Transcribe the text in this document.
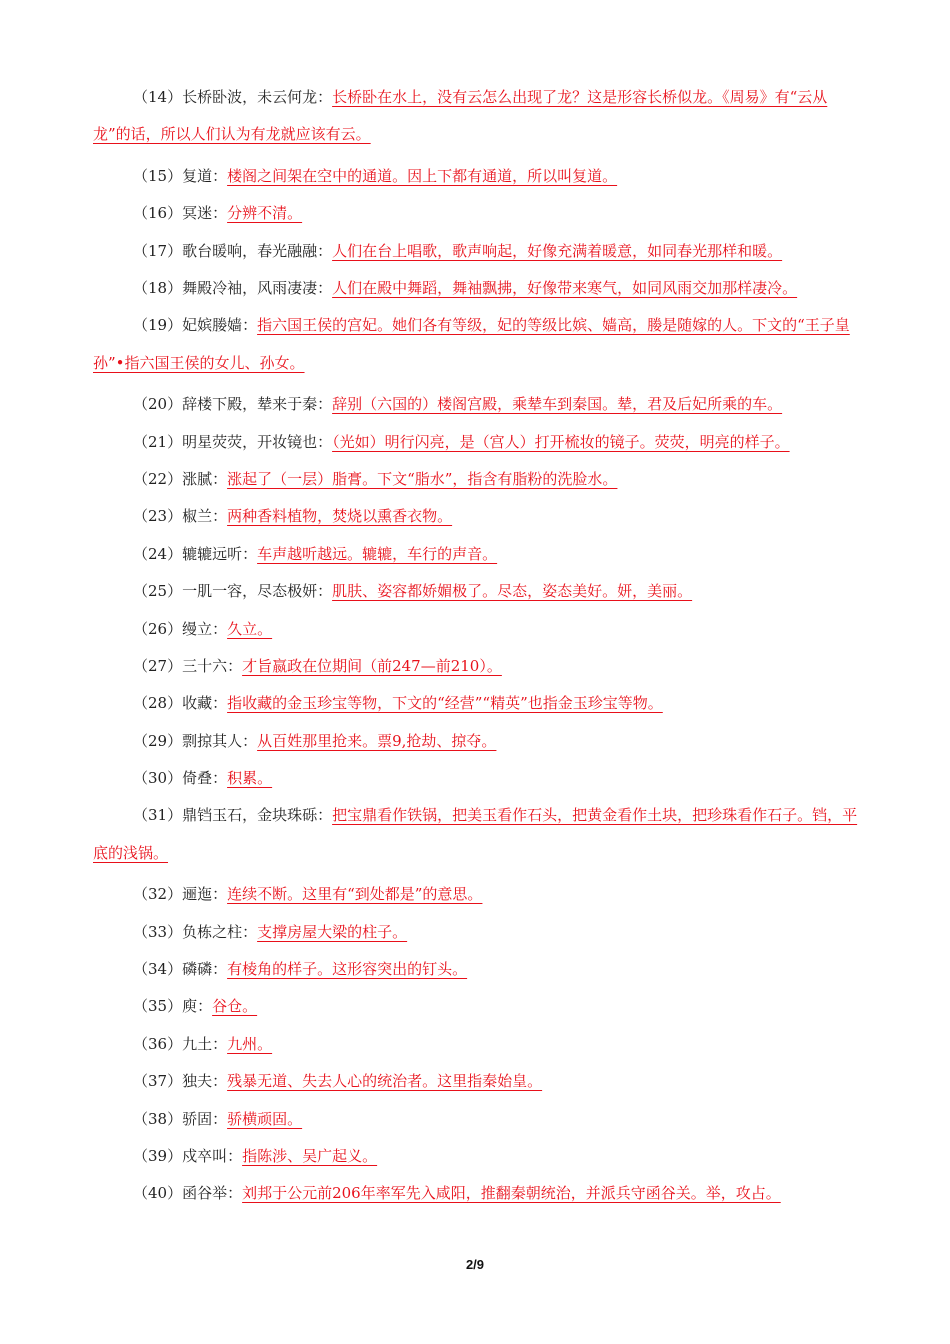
（14）长桥卧波，未云何龙：长桥卧在水上，没有云怎么出现了龙？这是形容长桥似龙。《周易》有“云从龙”的话，所以人们认为有龙就应该有云。

（15）复道：楼阁之间架在空中的通道。因上下都有通道，所以叫复道。

（16）冥迷：分辨不清。

（17）歌台暖响，春光融融：人们在台上唱歌，歌声响起，好像充满着暖意，如同春光那样和暖。

（18）舞殿冷袖，风雨凄凄：人们在殿中舞蹈，舞袖飘拂，好像带来寒气，如同风雨交加那样凄冷。

（19）妃嫔媵嫱：指六国王侯的宫妃。她们各有等级，妃的等级比嫔、嫱高，媵是随嫁的人。下文的“王子皇孙”•指六国王侯的女儿、孙女。

（20）辞楼下殿，辇来于秦：辞别（六国的）楼阁宫殿，乘辇车到秦国。辇，君及后妃所乘的车。

（21）明星荧荧，开妆镜也：（光如）明行闪亮，是（宫人）打开梳妆的镜子。荧荧，明亮的样子。

（22）涨腻：涨起了（一层）脂膏。下文“脂水”，指含有脂粉的洗脸水。

（23）椒兰：两种香料植物，焚烧以熏香衣物。

（24）辘辘远听：车声越听越远。辘辘，车行的声音。

（25）一肌一容，尽态极妍：肌肤、姿容都娇媚极了。尽态，姿态美好。妍，美丽。

（26）缦立：久立。

（27）三十六：才旨嬴政在位期间（前247—前210）。

（28）收藏：指收藏的金玉珍宝等物，下文的“经营”“精英”也指金玉珍宝等物。

（29）剽掠其人：从百姓那里抢来。票9,抢劫、掠夺。

（30）倚叠：积累。

（31）鼎铛玉石，金块珠砾：把宝鼎看作铁锅，把美玉看作石头，把黄金看作土块，把珍珠看作石子。铛，平底的浅锅。

（32）逦迤：连续不断。这里有“到处都是”的意思。

（33）负栋之柱：支撑房屋大梁的柱子。

（34）磷磷：有棱角的样子。这形容突出的钉头。

（35）庾：谷仓。

（36）九土：九州。

（37）独夫：残暴无道、失去人心的统治者。这里指秦始皇。

（38）骄固：骄横顽固。

（39）戍卒叫：指陈涉、吴广起义。

（40）函谷举：刘邦于公元前206年率军先入咸阳，推翻秦朝统治，并派兵守函谷关。举，攻占。

2/9
